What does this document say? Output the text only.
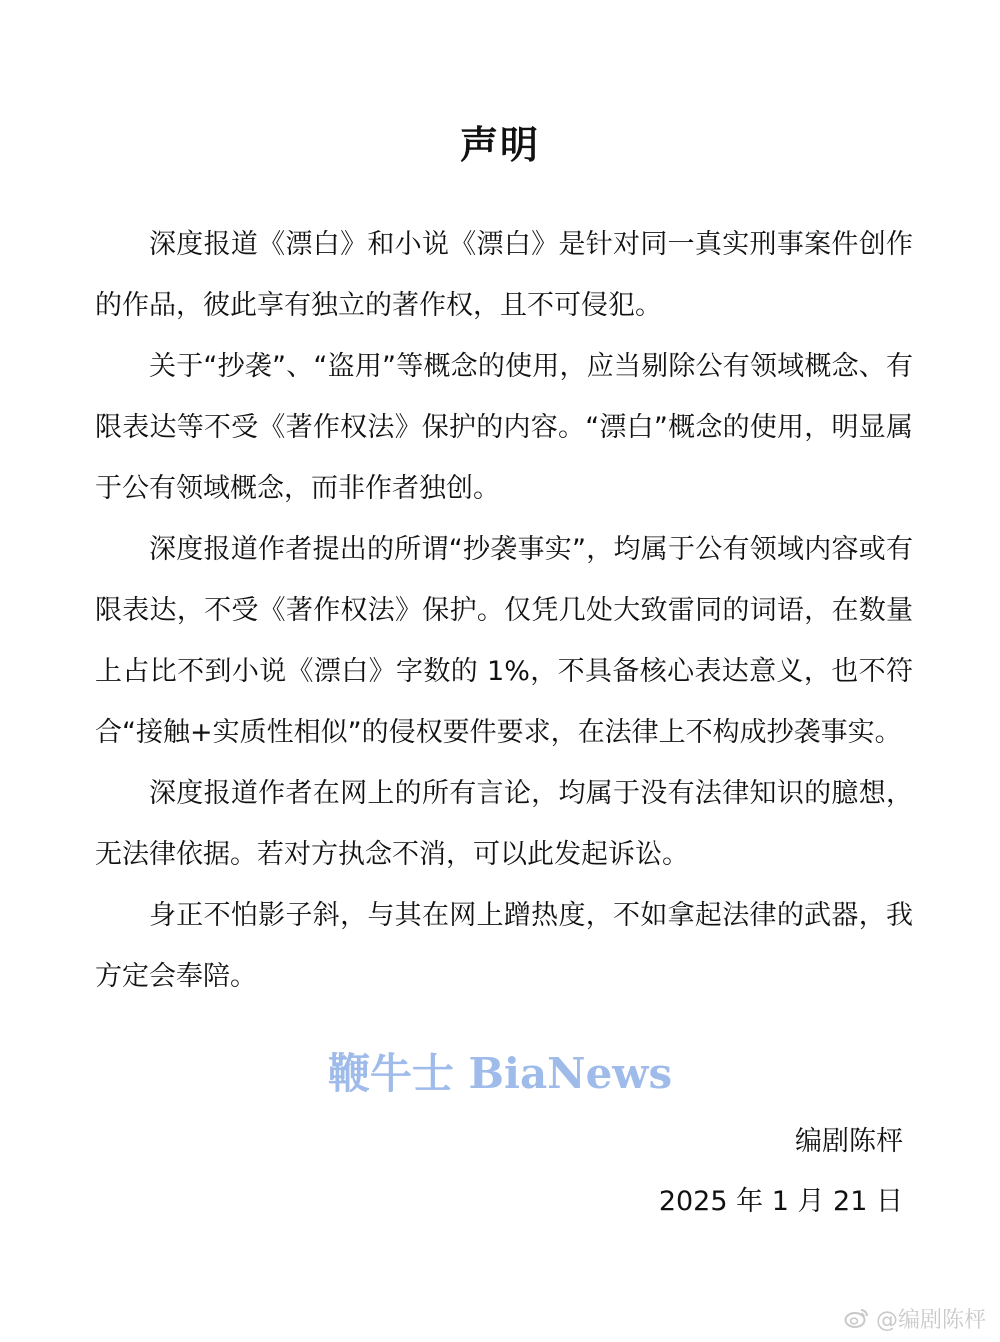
声明

深度报道《漂白》和小说《漂白》是针对同一真实刑事案件创作的作品，彼此享有独立的著作权，且不可侵犯。

关于“抄袭”、“盗用”等概念的使用，应当剔除公有领域概念、有限表达等不受《著作权法》保护的内容。“漂白”概念的使用，明显属于公有领域概念，而非作者独创。

深度报道作者提出的所谓“抄袭事实”，均属于公有领域内容或有限表达，不受《著作权法》保护。仅凭几处大致雷同的词语，在数量上占比不到小说《漂白》字数的 1%，不具备核心表达意义，也不符合“接触+实质性相似”的侵权要件要求，在法律上不构成抄袭事实。

深度报道作者在网上的所有言论，均属于没有法律知识的臆想，无法律依据。若对方执念不消，可以此发起诉讼。

身正不怕影子斜，与其在网上蹭热度，不如拿起法律的武器，我方定会奉陪。

鞭牛士 BiaNews
编剧陈枰
2025 年 1 月 21 日
@编剧陈枰
